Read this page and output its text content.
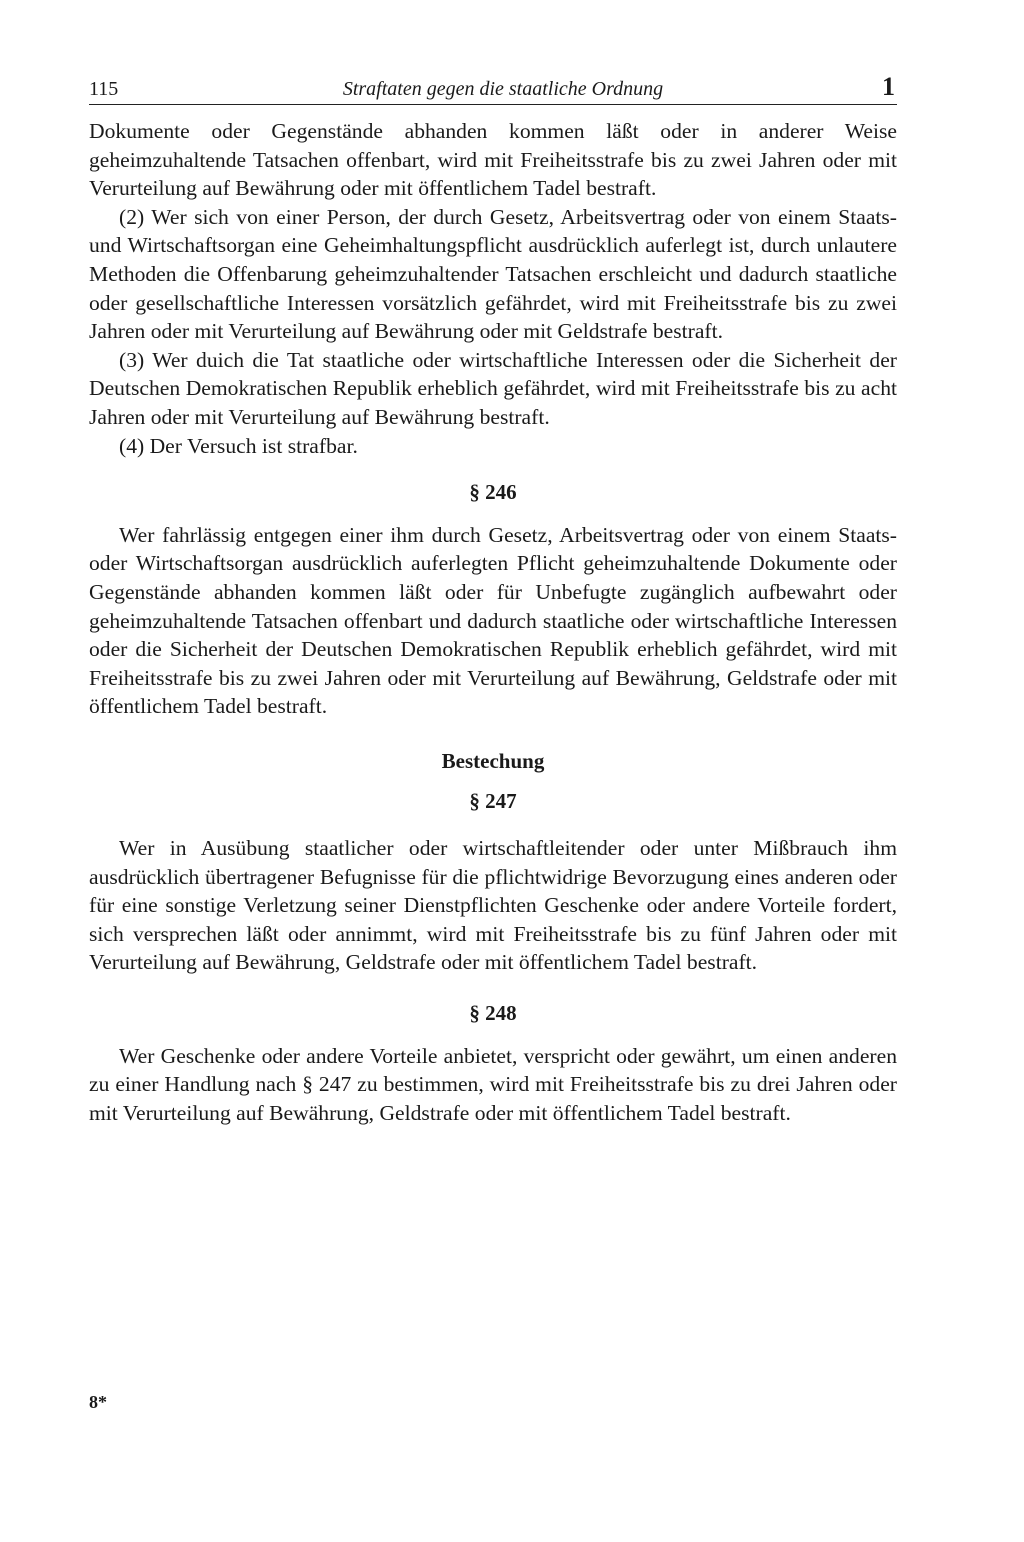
115	Straftaten gegen die staatliche Ordnung	1

Dokumente oder Gegenstände abhanden kommen läßt oder in anderer Weise geheimzuhaltende Tatsachen offenbart, wird mit Freiheitsstrafe bis zu zwei Jahren oder mit Verurteilung auf Bewährung oder mit öffentlichem Tadel bestraft.

(2) Wer sich von einer Person, der durch Gesetz, Arbeitsvertrag oder von einem Staats- und Wirtschaftsorgan eine Geheimhaltungspflicht ausdrücklich auferlegt ist, durch unlautere Methoden die Offenbarung geheimzuhaltender Tatsachen erschleicht und dadurch staatliche oder gesellschaftliche Interessen vorsätzlich gefährdet, wird mit Freiheitsstrafe bis zu zwei Jahren oder mit Verurteilung auf Bewährung oder mit Geldstrafe bestraft.

(3) Wer duich die Tat staatliche oder wirtschaftliche Interessen oder die Sicherheit der Deutschen Demokratischen Republik erheblich gefährdet, wird mit Freiheitsstrafe bis zu acht Jahren oder mit Verurteilung auf Bewährung bestraft.

(4) Der Versuch ist strafbar.

§ 246

Wer fahrlässig entgegen einer ihm durch Gesetz, Arbeitsvertrag oder von einem Staats- oder Wirtschaftsorgan ausdrücklich auferlegten Pflicht geheimzuhaltende Dokumente oder Gegenstände abhanden kommen läßt oder für Unbefugte zugänglich aufbewahrt oder geheimzuhaltende Tatsachen offenbart und dadurch staatliche oder wirtschaftliche Interessen oder die Sicherheit der Deutschen Demokratischen Republik erheblich gefährdet, wird mit Freiheitsstrafe bis zu zwei Jahren oder mit Verurteilung auf Bewährung, Geldstrafe oder mit öffentlichem Tadel bestraft.

Bestechung
§ 247

Wer in Ausübung staatlicher oder wirtschaftleitender oder unter Mißbrauch ihm ausdrücklich übertragener Befugnisse für die pflichtwidrige Bevorzugung eines anderen oder für eine sonstige Verletzung seiner Dienstpflichten Geschenke oder andere Vorteile fordert, sich versprechen läßt oder annimmt, wird mit Freiheitsstrafe bis zu fünf Jahren oder mit Verurteilung auf Bewährung, Geldstrafe oder mit öffentlichem Tadel bestraft.

§ 248

Wer Geschenke oder andere Vorteile anbietet, verspricht oder gewährt, um einen anderen zu einer Handlung nach § 247 zu bestimmen, wird mit Freiheitsstrafe bis zu drei Jahren oder mit Verurteilung auf Bewährung, Geldstrafe oder mit öffentlichem Tadel bestraft.

8*
